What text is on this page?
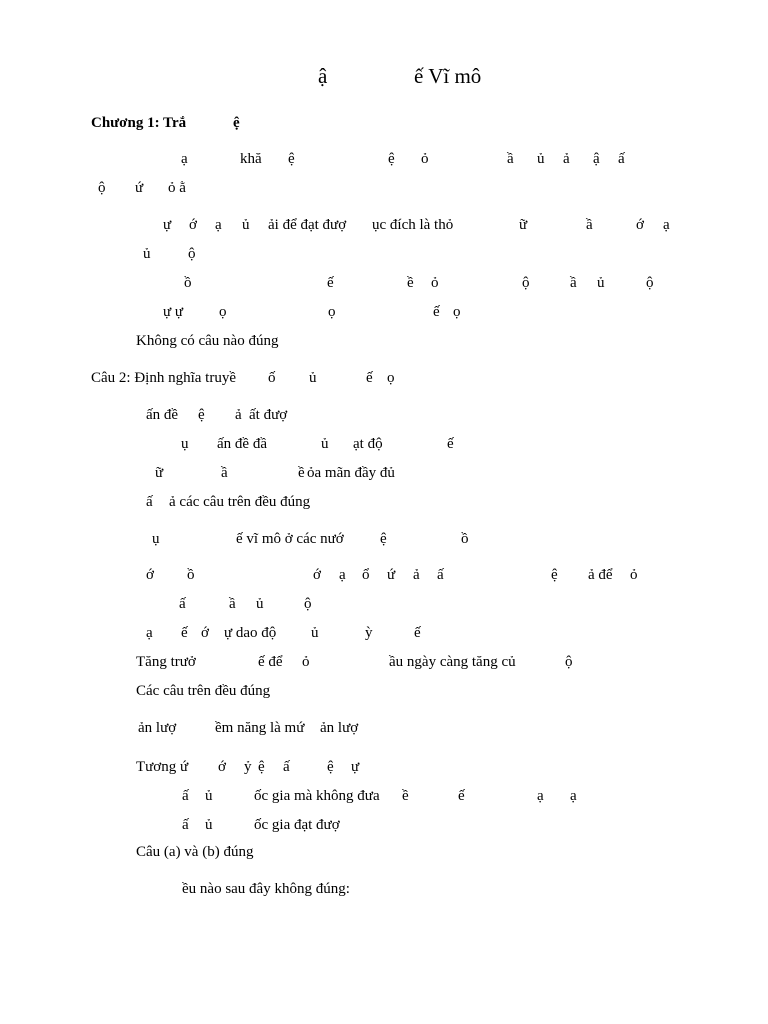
ậ	ế Vĩ mô
Chương 1: Trắ	ệ
ạ	khă ệ	ệ ỏ	ầ ủ ả ậ ấ
ộ ứ ỏ ằ
ự ớ ạ ủ ải để đạt đượ ục đích là thỏ	ữ	ầ	ớ ạ
ủ	ộ
ồ	ế	ề ỏ	ộ	ầ ủ	ộ
ự ự ọ	ọ	ế ọ
Không có câu nào đúng
Câu 2: Định nghĩa truyề ố ủ	ế ọ
ấn đề ệ ả ất đượ
ụ ấn đề đầ	ủ ạt độ	ế
ữ	ầ	ề ỏa mãn đầy đủ
ấ ả các câu trên đều đúng
ụ	ế vĩ mô ở các nướ ệ	ồ
ớ ồ	ớ ạ ổ ứ ả ấ	ệ ả để ỏ
ấ	ầ ủ	ộ
ạ ế ớ ự dao độ ủ	ỳ	ế
Tăng trưở	ế để ỏ	ầu ngày càng tăng củ	ộ
Các câu trên đều đúng
ản lượ	ềm năng là mứ ản lượ
Tương ứ ớ ỷ ệ ấ ệ ự
ấ ủ	ốc gia mà không đưa ề	ế	ạ ạ
ấ ủ	ốc gia đạt đượ
Câu (a) và (b) đúng
ều nào sau đây không đúng:
